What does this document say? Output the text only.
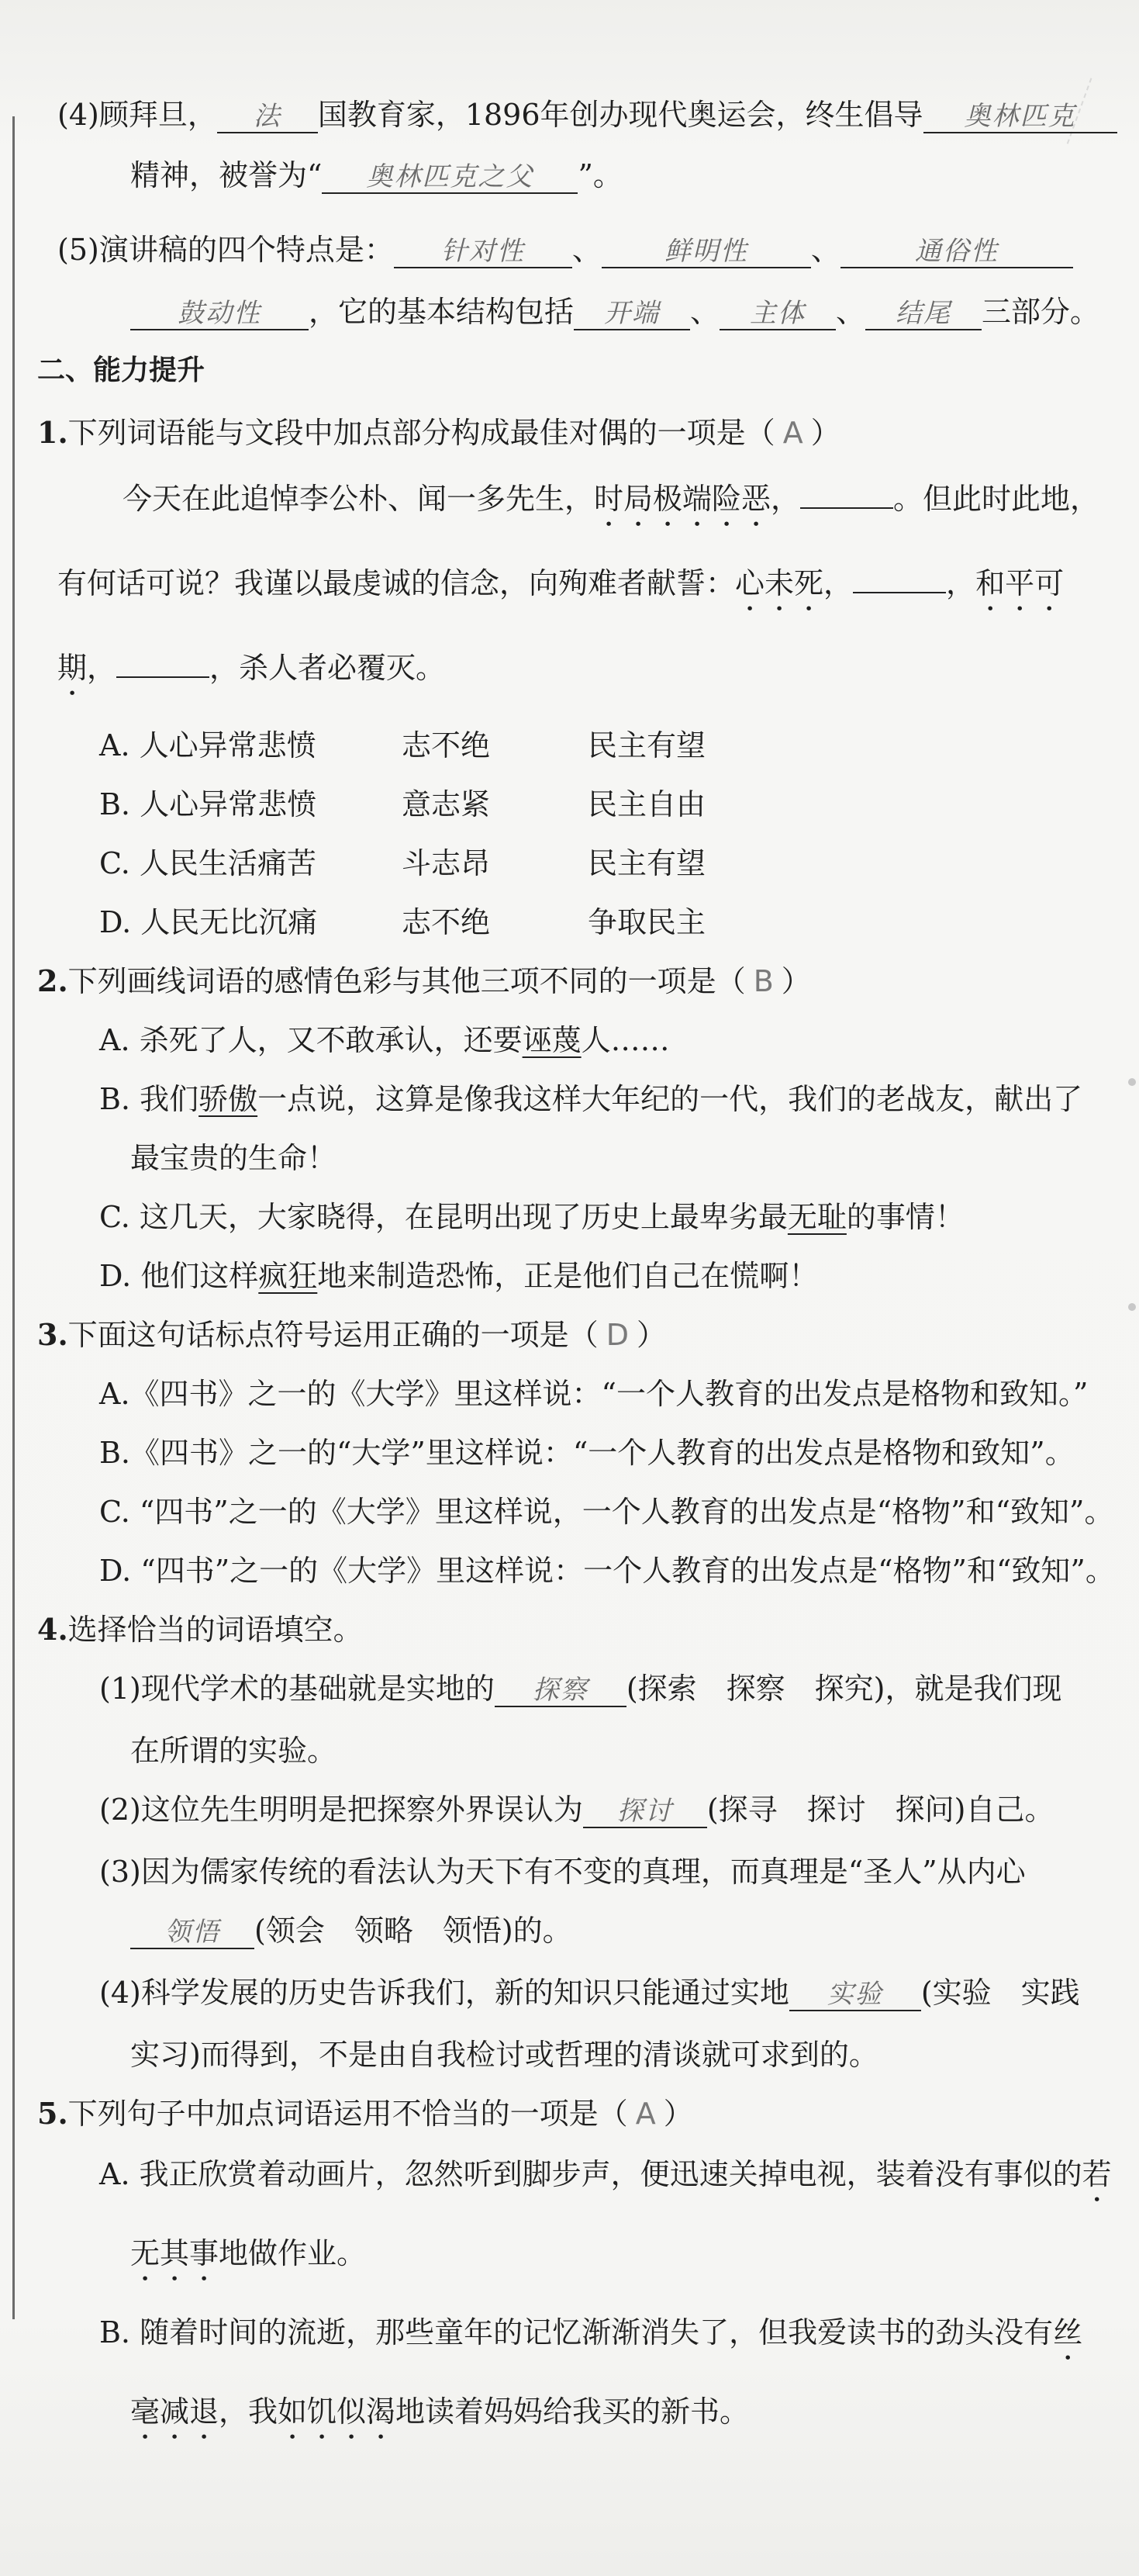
(4)顾拜旦， 法 国教育家，1896年创办现代奥运会，终生倡导 奥林匹克
精神，被誉为“ 奥林匹克之父 ”。
(5)演讲稿的四个特点是： 针对性 、 鲜明性 、	通俗性
鼓动性 ，它的基本结构包括 开端 、 主体 、 结尾 三部分。
二、能力提升
1.下列词语能与文段中加点部分构成最佳对偶的一项是（ A ）
今天在此追悼李公朴、闻一多先生，时局极端险恶，	。但此时此地，
有何话可说？我谨以最虔诚的信念，向殉难者献誓：心未死，	，和平可
期，	，杀人者必覆灭。
A. 人心异常悲愤	志不绝	民主有望
B. 人心异常悲愤	意志紧	民主自由
C. 人民生活痛苦	斗志昂	民主有望
D. 人民无比沉痛	志不绝	争取民主
2.下列画线词语的感情色彩与其他三项不同的一项是（ B ）
A. 杀死了人，又不敢承认，还要诬蔑人……
B. 我们骄傲一点说，这算是像我这样大年纪的一代，我们的老战友，献出了
最宝贵的生命！
C. 这几天，大家晓得，在昆明出现了历史上最卑劣最无耻的事情！
D. 他们这样疯狂地来制造恐怖，正是他们自己在慌啊！
3.下面这句话标点符号运用正确的一项是（ D ）
A.《四书》之一的《大学》里这样说：“一个人教育的出发点是格物和致知。”
B.《四书》之一的“大学”里这样说：“一个人教育的出发点是格物和致知”。
C. “四书”之一的《大学》里这样说，一个人教育的出发点是“格物”和“致知”。
D. “四书”之一的《大学》里这样说：一个人教育的出发点是“格物”和“致知”。
4.选择恰当的词语填空。
(1)现代学术的基础就是实地的 探察 (探索　探察　探究)，就是我们现
在所谓的实验。
(2)这位先生明明是把探察外界误认为 探讨 (探寻　探讨　探问)自己。
(3)因为儒家传统的看法认为天下有不变的真理，而真理是“圣人”从内心
领悟 (领会　领略　领悟)的。
(4)科学发展的历史告诉我们，新的知识只能通过实地 实验 (实验　实践
实习)而得到，不是由自我检讨或哲理的清谈就可求到的。
5.下列句子中加点词语运用不恰当的一项是（ A ）
A. 我正欣赏着动画片，忽然听到脚步声，便迅速关掉电视，装着没有事似的若
无其事地做作业。
B. 随着时间的流逝，那些童年的记忆渐渐消失了，但我爱读书的劲头没有丝
毫减退，我如饥似渴地读着妈妈给我买的新书。
